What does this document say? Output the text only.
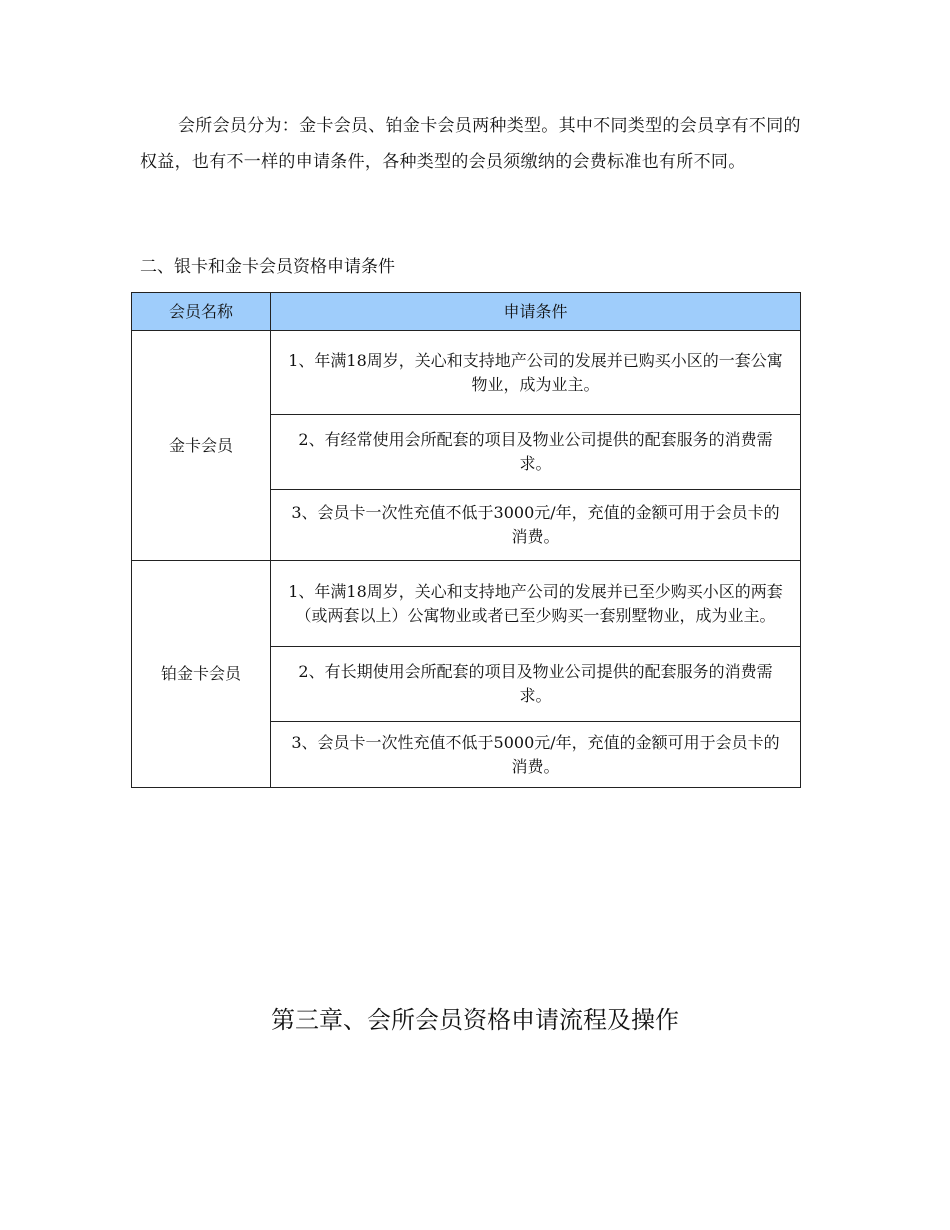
会所会员分为：金卡会员、铂金卡会员两种类型。其中不同类型的会员享有不同的权益，也有不一样的申请条件，各种类型的会员须缴纳的会费标准也有所不同。

二、银卡和金卡会员资格申请条件
会员名称	申请条件
金卡会员	1、年满18周岁，关心和支持地产公司的发展并已购买小区的一套公寓物业，成为业主。
	2、有经常使用会所配套的项目及物业公司提供的配套服务的消费需求。
	3、会员卡一次性充值不低于3000元/年，充值的金额可用于会员卡的消费。
铂金卡会员	1、年满18周岁，关心和支持地产公司的发展并已至少购买小区的两套（或两套以上）公寓物业或者已至少购买一套别墅物业，成为业主。
	2、有长期使用会所配套的项目及物业公司提供的配套服务的消费需求。
	3、会员卡一次性充值不低于5000元/年，充值的金额可用于会员卡的消费。
第三章、会所会员资格申请流程及操作
